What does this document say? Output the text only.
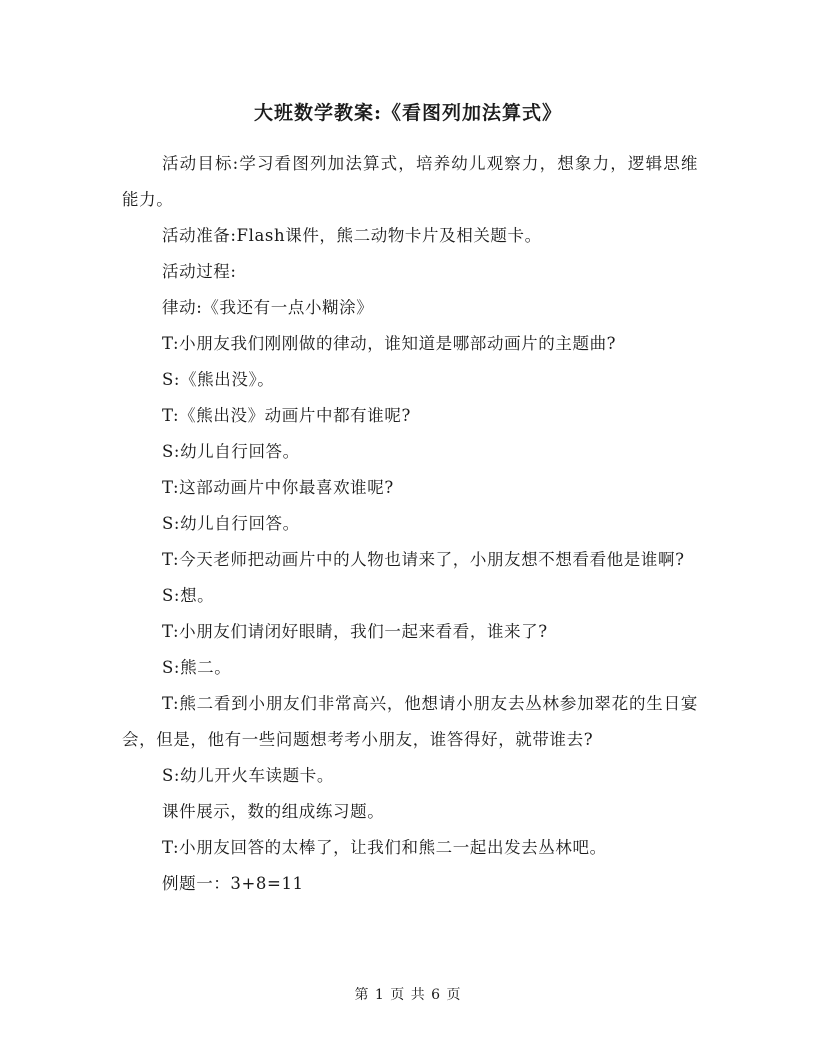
大班数学教案:《看图列加法算式》

活动目标:学习看图列加法算式，培养幼儿观察力，想象力，逻辑思维能力。

活动准备:Flash课件，熊二动物卡片及相关题卡。

活动过程:

律动:《我还有一点小糊涂》

T:小朋友我们刚刚做的律动，谁知道是哪部动画片的主题曲?

S:《熊出没》。

T:《熊出没》动画片中都有谁呢?

S:幼儿自行回答。

T:这部动画片中你最喜欢谁呢?

S:幼儿自行回答。

T:今天老师把动画片中的人物也请来了，小朋友想不想看看他是谁啊?

S:想。

T:小朋友们请闭好眼睛，我们一起来看看，谁来了?

S:熊二。

T:熊二看到小朋友们非常高兴，他想请小朋友去丛林参加翠花的生日宴会，但是，他有一些问题想考考小朋友，谁答得好，就带谁去?

S:幼儿开火车读题卡。

课件展示，数的组成练习题。

T:小朋友回答的太棒了，让我们和熊二一起出发去丛林吧。

例题一：3+8=11

第 1 页 共 6 页
